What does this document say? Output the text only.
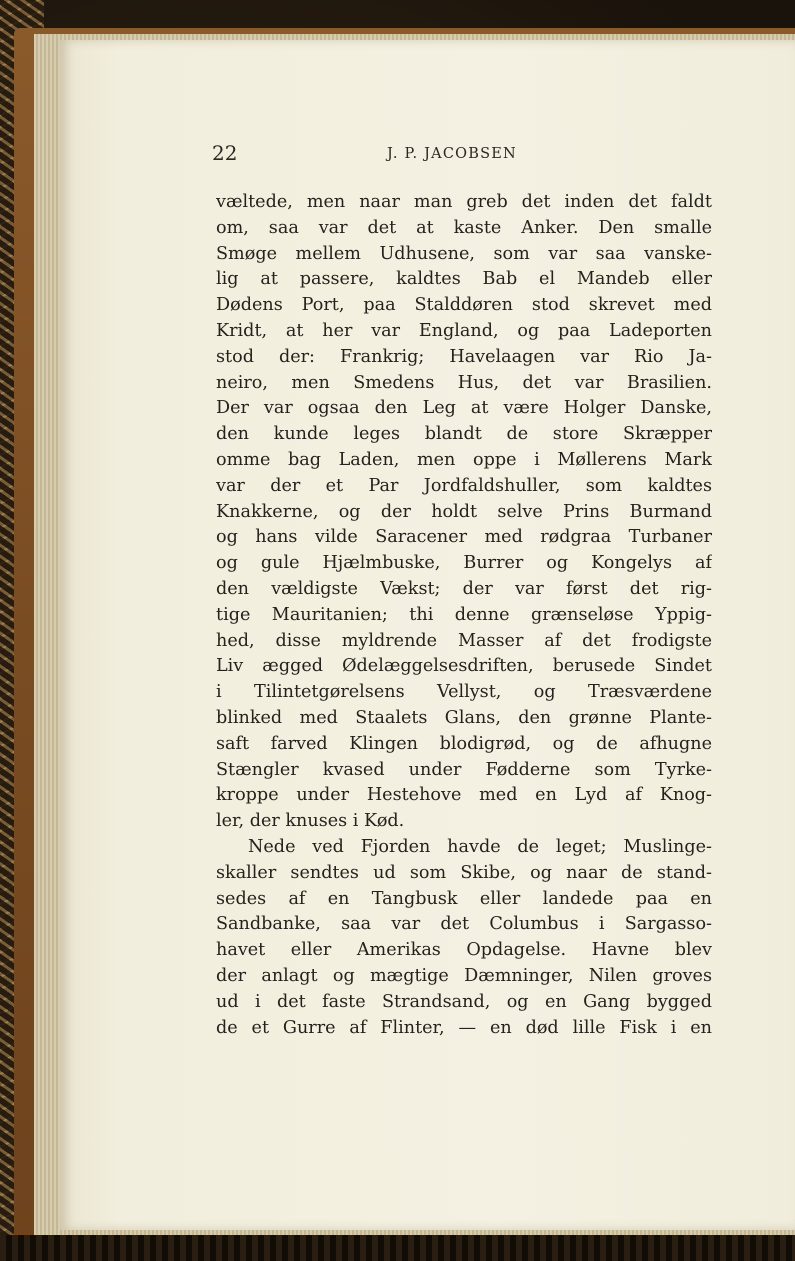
22	J. P. JACOBSEN
væltede, men naar man greb det inden det faldt
om, saa var det at kaste Anker. Den smalle
Smøge mellem Udhusene, som var saa vanske-
lig at passere, kaldtes Bab el Mandeb eller
Dødens Port, paa Stalddøren stod skrevet med
Kridt, at her var England, og paa Ladeporten
stod der: Frankrig; Havelaagen var Rio Ja-
neiro, men Smedens Hus, det var Brasilien.
Der var ogsaa den Leg at være Holger Danske,
den kunde leges blandt de store Skræpper
omme bag Laden, men oppe i Møllerens Mark
var der et Par Jordfaldshuller, som kaldtes
Knakkerne, og der holdt selve Prins Burmand
og hans vilde Saracener med rødgraa Turbaner
og gule Hjælmbuske, Burrer og Kongelys af
den vældigste Vækst; der var først det rig-
tige Mauritanien; thi denne grænseløse Yppig-
hed, disse myldrende Masser af det frodigste
Liv ægged Ødelæggelsesdriften, berusede Sindet
i Tilintetgørelsens Vellyst, og Træsværdene
blinked med Staalets Glans, den grønne Plante-
saft farved Klingen blodigrød, og de afhugne
Stængler kvased under Fødderne som Tyrke-
kroppe under Hestehove med en Lyd af Knog-
ler, der knuses i Kød.
Nede ved Fjorden havde de leget; Muslinge-
skaller sendtes ud som Skibe, og naar de stand-
sedes af en Tangbusk eller landede paa en
Sandbanke, saa var det Columbus i Sargasso-
havet eller Amerikas Opdagelse. Havne blev
der anlagt og mægtige Dæmninger, Nilen groves
ud i det faste Strandsand, og en Gang bygged
de et Gurre af Flinter, — en død lille Fisk i en
